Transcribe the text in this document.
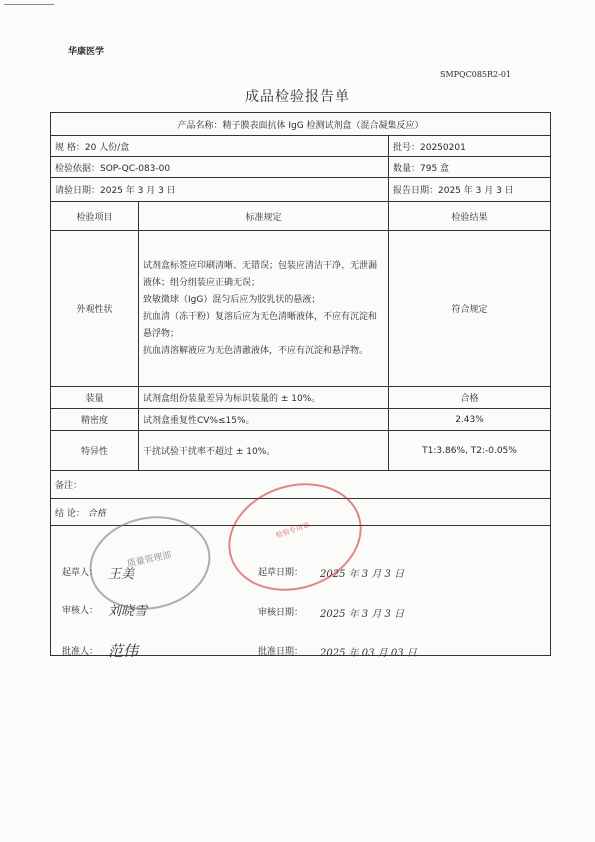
华康医学
SMPQC085R2-01
成品检验报告单
产品名称：精子膜表面抗体 IgG 检测试剂盒（混合凝集反应）		
规 格：20 人份/盒		批号：20250201
检验依据：SOP-QC-083-00		数量：795 盒
请验日期：2025 年 3 月 3 日		报告日期：2025 年 3 月 3 日
检验项目	标准规定	检验结果
外观性状	试剂盒标签应印刷清晰、无错误；包装应清洁干净、无泄漏液体；组分组装应正确无误；

致敏微球（IgG）混匀后应为胶乳状的悬液；

抗血清（冻干粉）复溶后应为无色清晰液体，不应有沉淀和悬浮物；

抗血清溶解液应为无色清澈液体，不应有沉淀和悬浮物。	符合规定
装量	试剂盒组份装量差异为标识装量的 ± 10%。	合格
精密度	试剂盒重复性CV%≤15%。	2.43%
特异性	干扰试验干扰率不超过 ± 10%。	T1:3.86%, T2:-0.05%
备注：		
结 论： 合格		

起草人： 王美	起草日期： 2025 年 3 月 3 日
审核人： 刘晓雪	审核日期： 2025 年 3 月 3 日
批准人： 范伟	批准日期： 2025 年 03 月 03 日
质量管理部
检验专用章
